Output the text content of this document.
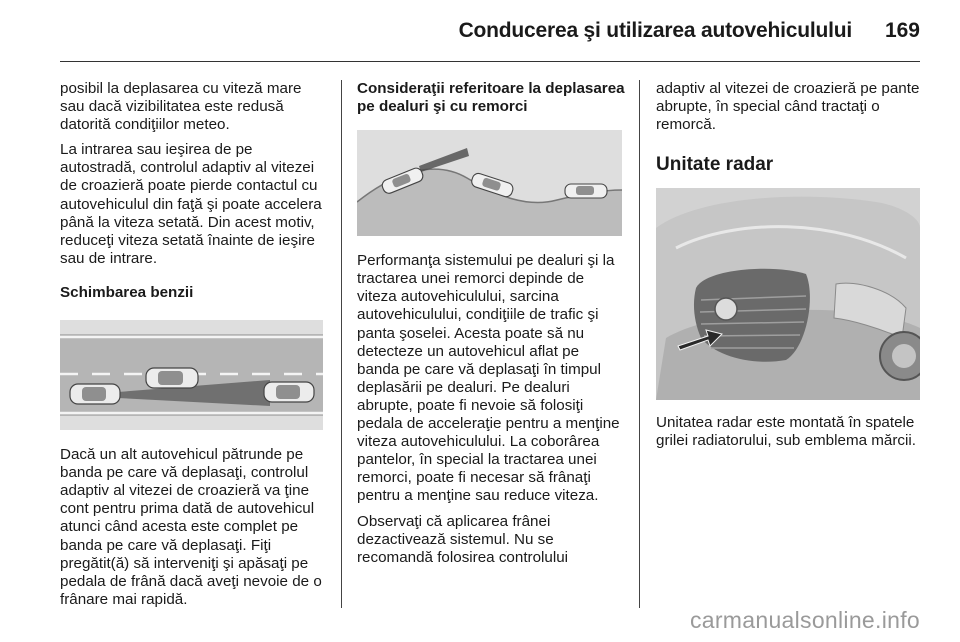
Conducerea şi utilizarea autovehiculului 169

posibil la deplasarea cu viteză mare sau dacă vizibilitatea este redusă datorită condiţiilor meteo.

La intrarea sau ieşirea de pe autostradă, controlul adaptiv al vitezei de croazieră poate pierde contactul cu autovehiculul din faţă şi poate accelera până la viteza setată. Din acest motiv, reduceţi viteza setată înainte de ieşire sau de intrare.

Schimbarea benzii

Dacă un alt autovehicul pătrunde pe banda pe care vă deplasaţi, controlul adaptiv al vitezei de croazieră va ţine cont pentru prima dată de autovehicul atunci când acesta este complet pe banda pe care vă deplasaţi. Fiţi pregătit(ă) să interveniţi şi apăsaţi pe pedala de frână dacă aveţi nevoie de o frânare mai rapidă.

Consideraţii referitoare la deplasarea pe dealuri şi cu remorci

Performanţa sistemului pe dealuri şi la tractarea unei remorci depinde de viteza autovehiculului, sarcina autovehiculului, condiţiile de trafic şi panta şoselei. Acesta poate să nu detecteze un autovehicul aflat pe banda pe care vă deplasaţi în timpul deplasării pe dealuri. Pe dealuri abrupte, poate fi nevoie să folosiţi pedala de acceleraţie pentru a menţine viteza autovehiculului. La coborârea pantelor, în special la tractarea unei remorci, poate fi necesar să frânaţi pentru a menţine sau reduce viteza.

Observaţi că aplicarea frânei dezactivează sistemul. Nu se recomandă folosirea controlului

adaptiv al vitezei de croazieră pe pante abrupte, în special când tractaţi o remorcă.

Unitate radar

Unitatea radar este montată în spatele grilei radiatorului, sub emblema mărcii.

carmanualsonline.info
